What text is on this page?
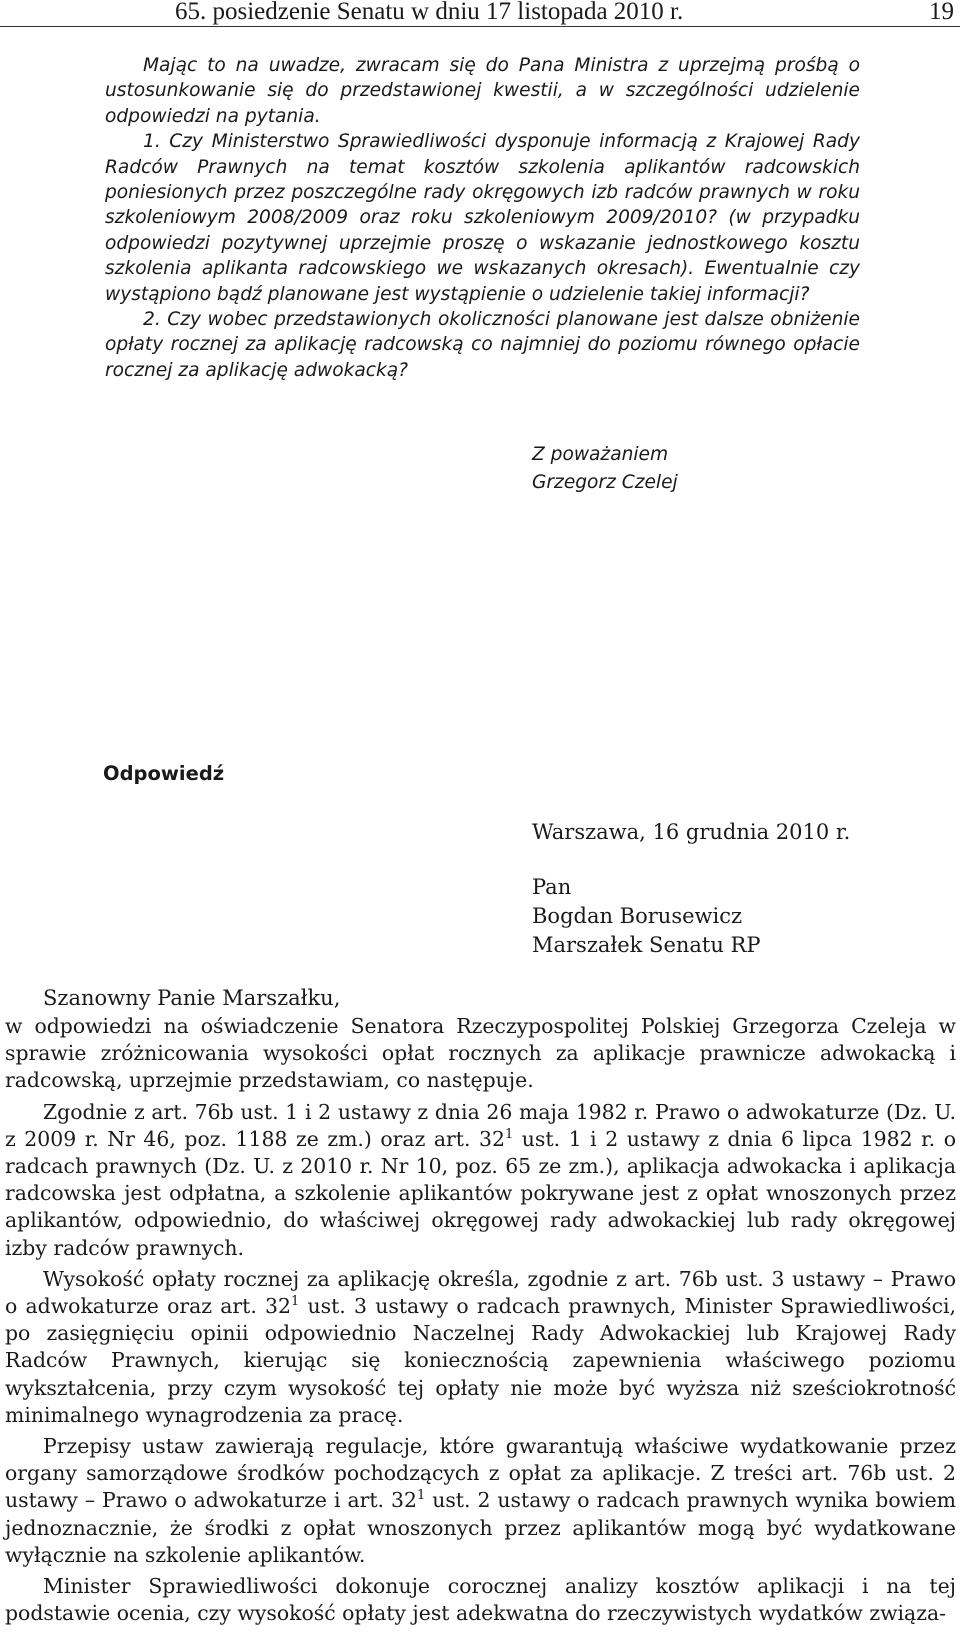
65. posiedzenie Senatu w dniu 17 listopada 2010 r.	19

Mając to na uwadze, zwracam się do Pana Ministra z uprzejmą prośbą o ustosunkowanie się do przedstawionej kwestii, a w szczególności udzielenie odpowiedzi na pytania.

1. Czy Ministerstwo Sprawiedliwości dysponuje informacją z Krajowej Rady Radców Prawnych na temat kosztów szkolenia aplikantów radcowskich poniesionych przez poszczególne rady okręgowych izb radców prawnych w roku szkoleniowym 2008/2009 oraz roku szkoleniowym 2009/2010? (w przypadku odpowiedzi pozytywnej uprzejmie proszę o wskazanie jednostkowego kosztu szkolenia aplikanta radcowskiego we wskazanych okresach). Ewentualnie czy wystąpiono bądź planowane jest wystąpienie o udzielenie takiej informacji?

2. Czy wobec przedstawionych okoliczności planowane jest dalsze obniżenie opłaty rocznej za aplikację radcowską co najmniej do poziomu równego opłacie rocznej za aplikację adwokacką?

Z poważaniem
Grzegorz Czelej
Odpowiedź
Warszawa, 16 grudnia 2010 r.
Pan
Bogdan Borusewicz
Marszałek Senatu RP
Szanowny Panie Marszałku,

w odpowiedzi na oświadczenie Senatora Rzeczypospolitej Polskiej Grzegorza Czeleja w sprawie zróżnicowania wysokości opłat rocznych za aplikacje prawnicze adwokacką i radcowską, uprzejmie przedstawiam, co następuje.

Zgodnie z art. 76b ust. 1 i 2 ustawy z dnia 26 maja 1982 r. Prawo o adwokaturze (Dz. U. z 2009 r. Nr 46, poz. 1188 ze zm.) oraz art. $32^1$ ust. 1 i 2 ustawy z dnia 6 lipca 1982 r. o radcach prawnych (Dz. U. z 2010 r. Nr 10, poz. 65 ze zm.), aplikacja adwokacka i aplikacja radcowska jest odpłatna, a szkolenie aplikantów pokrywane jest z opłat wnoszonych przez aplikantów, odpowiednio, do właściwej okręgowej rady adwokackiej lub rady okręgowej izby radców prawnych.

Wysokość opłaty rocznej za aplikację określa, zgodnie z art. 76b ust. 3 ustawy – Prawo o adwokaturze oraz art. $32^1$ ust. 3 ustawy o radcach prawnych, Minister Sprawiedliwości, po zasięgnięciu opinii odpowiednio Naczelnej Rady Adwokackiej lub Krajowej Rady Radców Prawnych, kierując się koniecznością zapewnienia właściwego poziomu wykształcenia, przy czym wysokość tej opłaty nie może być wyższa niż sześciokrotność minimalnego wynagrodzenia za pracę.

Przepisy ustaw zawierają regulacje, które gwarantują właściwe wydatkowanie przez organy samorządowe środków pochodzących z opłat za aplikacje. Z treści art. 76b ust. 2 ustawy – Prawo o adwokaturze i art. $32^1$ ust. 2 ustawy o radcach prawnych wynika bowiem jednoznacznie, że środki z opłat wnoszonych przez aplikantów mogą być wydatkowane wyłącznie na szkolenie aplikantów.

Minister Sprawiedliwości dokonuje corocznej analizy kosztów aplikacji i na tej podstawie ocenia, czy wysokość opłaty jest adekwatna do rzeczywistych wydatków związa-
